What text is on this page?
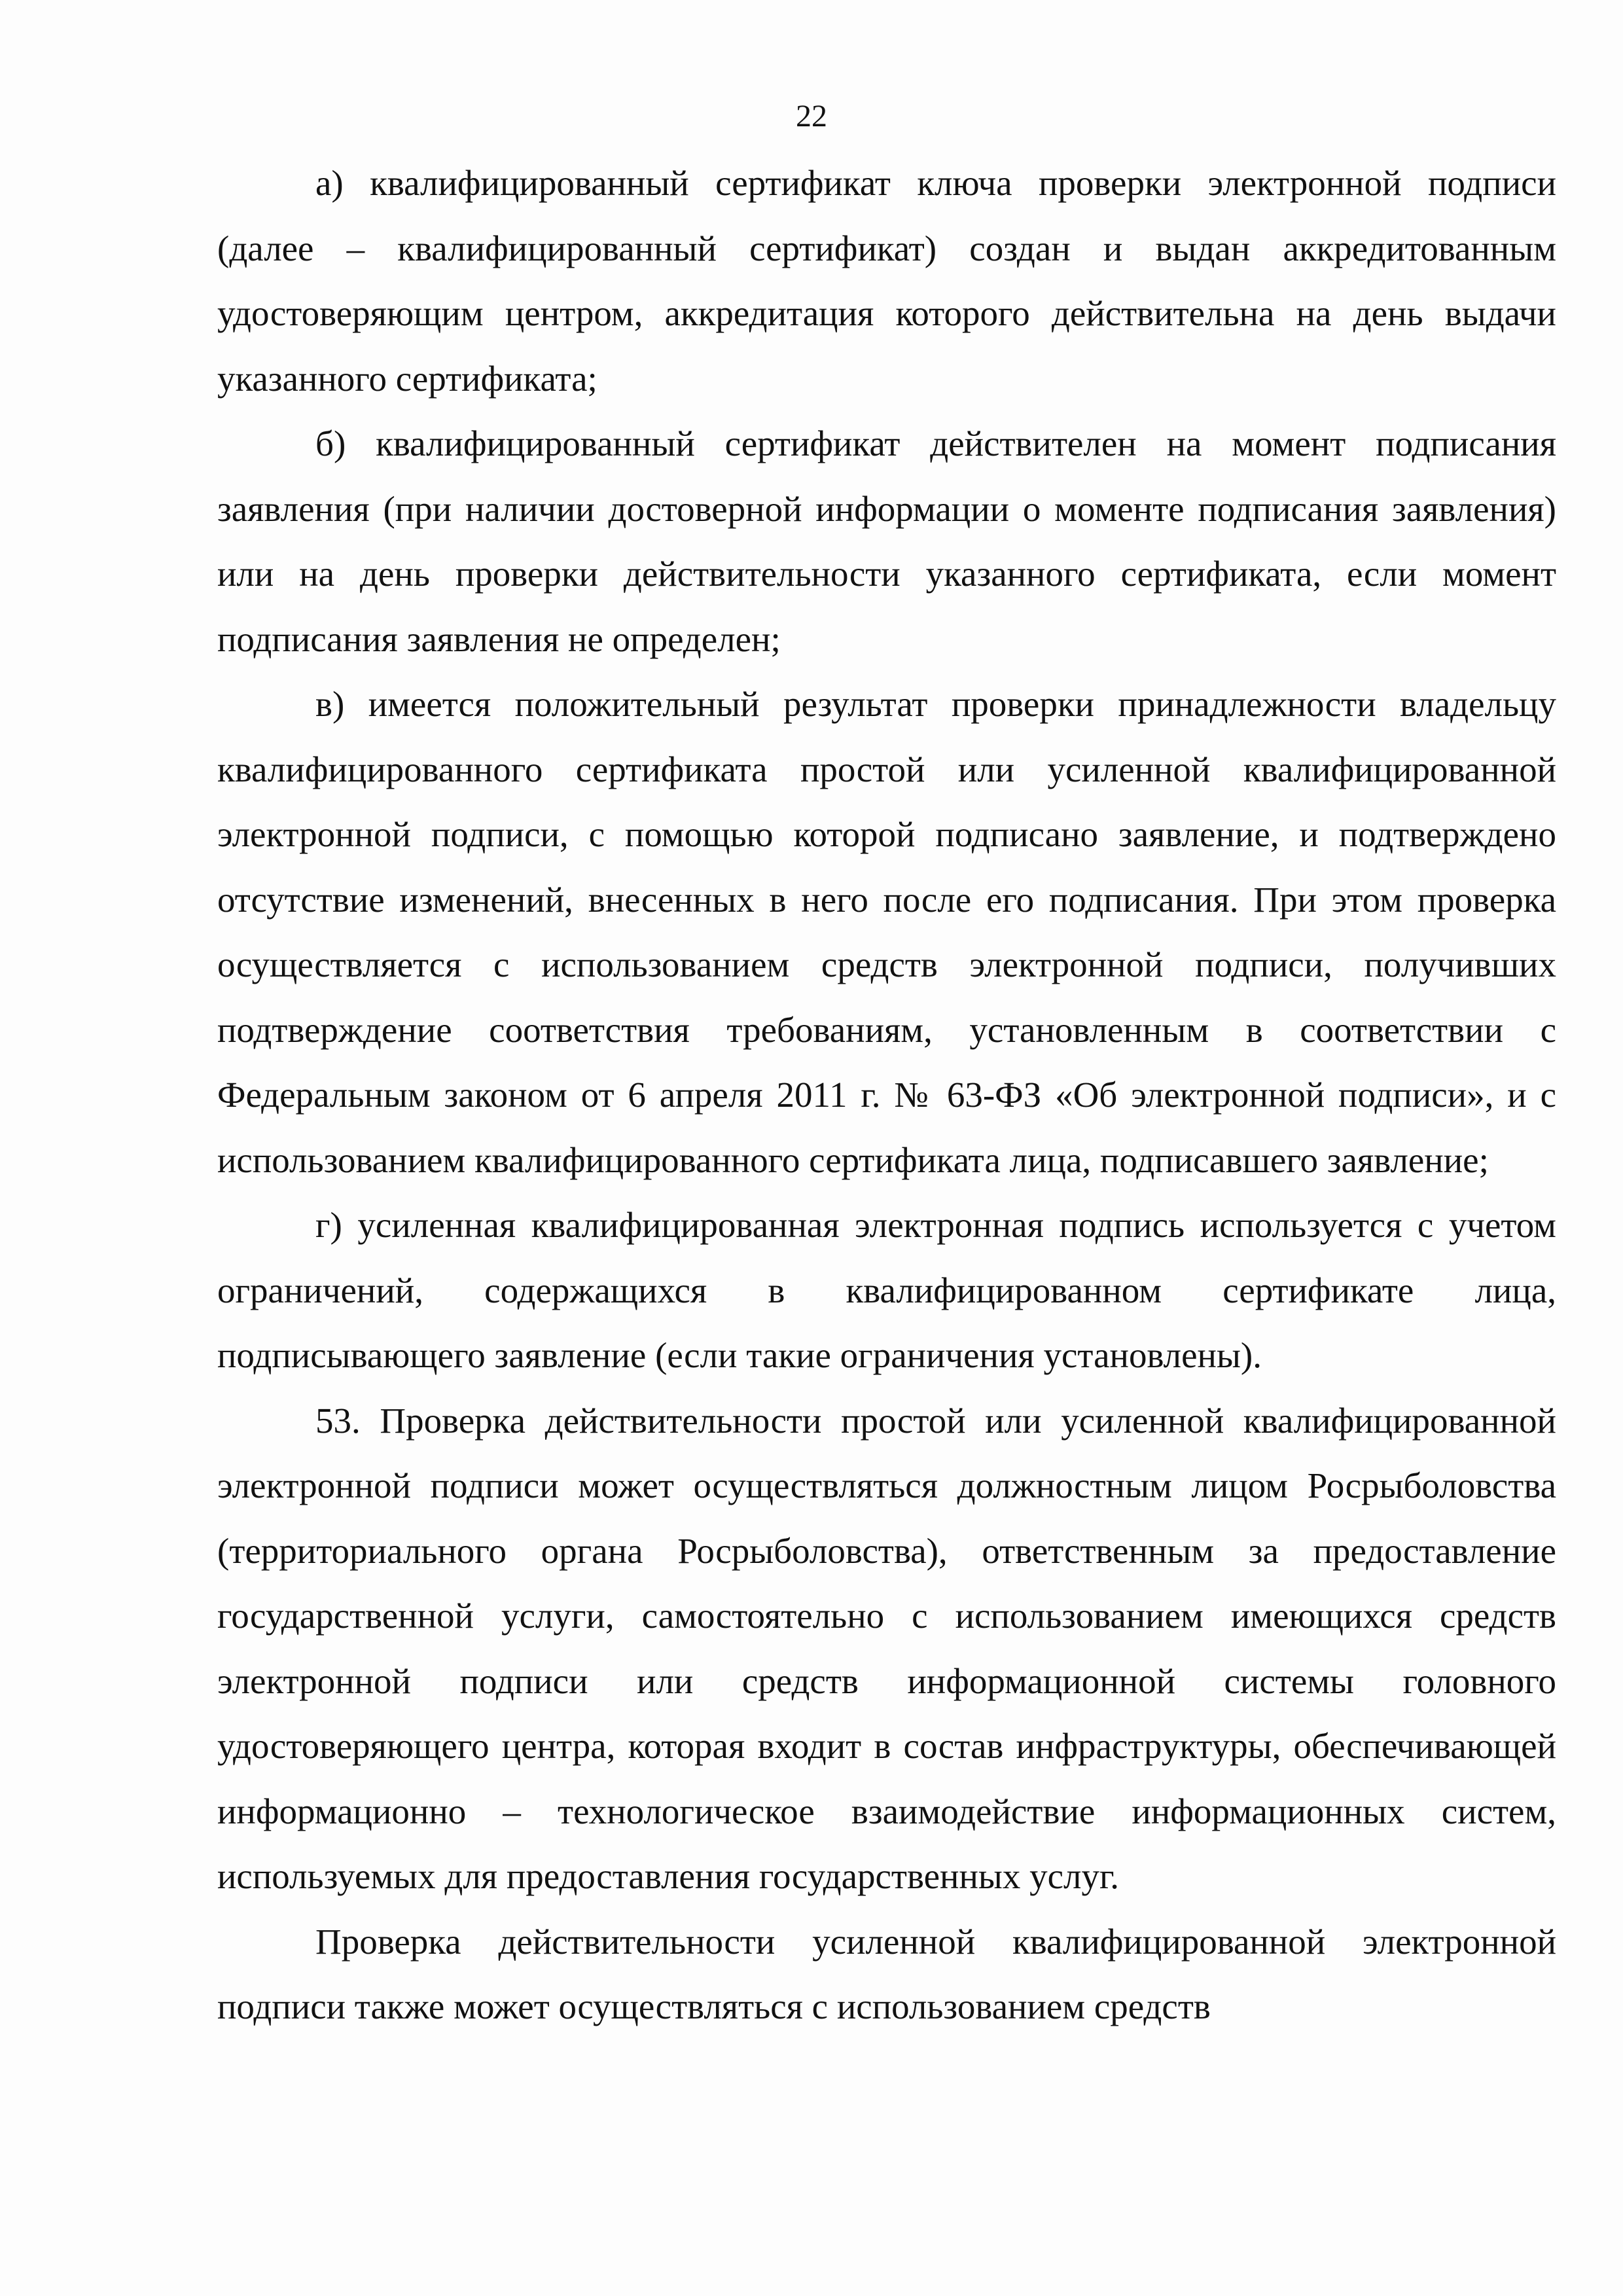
22

а) квалифицированный сертификат ключа проверки электронной подписи (далее – квалифицированный сертификат) создан и выдан аккредитованным удостоверяющим центром, аккредитация которого действительна на день выдачи указанного сертификата;

б) квалифицированный сертификат действителен на момент подписания заявления (при наличии достоверной информации о моменте подписания заявления) или на день проверки действительности указанного сертификата, если момент подписания заявления не определен;

в) имеется положительный результат проверки принадлежности владельцу квалифицированного сертификата простой или усиленной квалифицированной электронной подписи, с помощью которой подписано заявление, и подтверждено отсутствие изменений, внесенных в него после его подписания. При этом проверка осуществляется с использованием средств электронной подписи, получивших подтверждение соответствия требованиям, установленным в соответствии с Федеральным законом от 6 апреля 2011 г. № 63-ФЗ «Об электронной подписи», и с использованием квалифицированного сертификата лица, подписавшего заявление;

г) усиленная квалифицированная электронная подпись используется с учетом ограничений, содержащихся в квалифицированном сертификате лица, подписывающего заявление (если такие ограничения установлены).

53. Проверка действительности простой или усиленной квалифицированной электронной подписи может осуществляться должностным лицом Росрыболовства (территориального органа Росрыболовства), ответственным за предоставление государственной услуги, самостоятельно с использованием имеющихся средств электронной подписи или средств информационной системы головного удостоверяющего центра, которая входит в состав инфраструктуры, обеспечивающей информационно – технологическое взаимодействие информационных систем, используемых для предоставления государственных услуг.

Проверка действительности усиленной квалифицированной электронной подписи также может осуществляться с использованием средств
